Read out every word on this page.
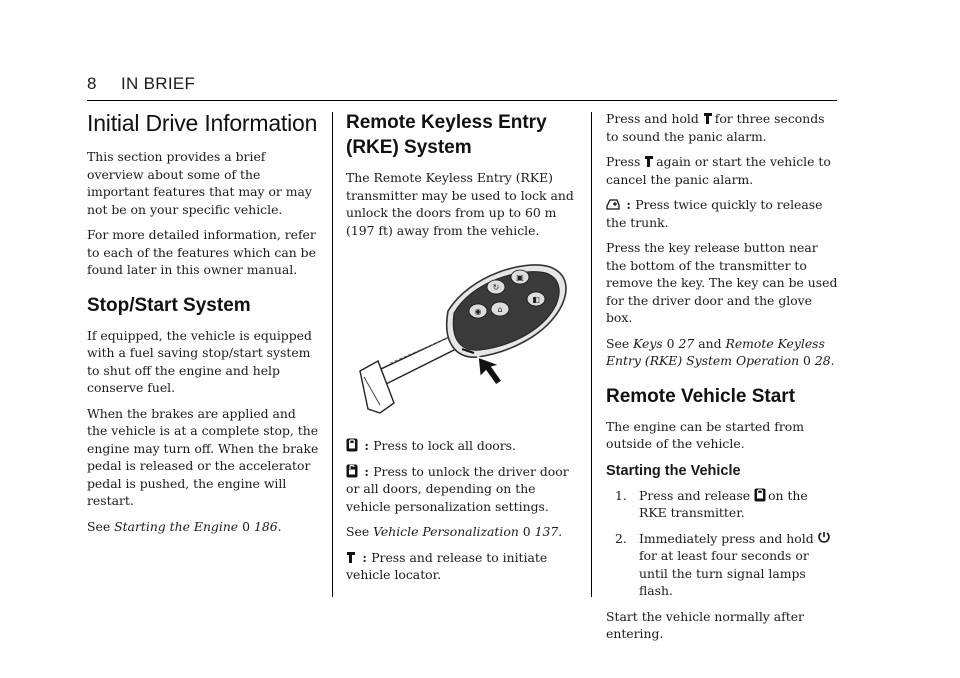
8 IN BRIEF
Initial Drive Information

This section provides a brief overview about some of the important features that may or may not be on your specific vehicle.

For more detailed information, refer to each of the features which can be found later in this owner manual.

Stop/Start System

If equipped, the vehicle is equipped with a fuel saving stop/start system to shut off the engine and help conserve fuel.

When the brakes are applied and the vehicle is at a complete stop, the engine may turn off. When the brake pedal is released or the accelerator pedal is pushed, the engine will restart.

See Starting the Engine 0 186.

Remote Keyless Entry (RKE) System

The Remote Keyless Entry (RKE) transmitter may be used to lock and unlock the doors from up to 60 m (197 ft) away from the vehicle.

↻
▣
◉ ⌂
◧

: Press to lock all doors.

: Press to unlock the driver door or all doors, depending on the vehicle personalization settings.

See Vehicle Personalization 0 137.

: Press and release to initiate vehicle locator.

Press and hold for three seconds to sound the panic alarm.

Press again or start the vehicle to cancel the panic alarm.

: Press twice quickly to release the trunk.

Press the key release button near the bottom of the transmitter to remove the key. The key can be used for the driver door and the glove box.

See Keys 0 27 and Remote Keyless Entry (RKE) System Operation 0 28.

Remote Vehicle Start

The engine can be started from outside of the vehicle.

Starting the Vehicle
1. Press and release on the RKE transmitter.
2. Immediately press and hold for at least four seconds or until the turn signal lamps flash.

Start the vehicle normally after entering.
